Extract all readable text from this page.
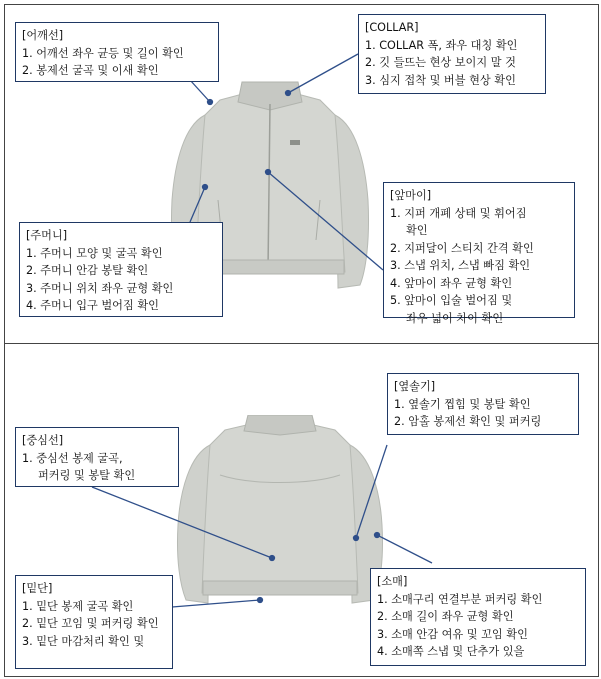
[어깨선]
1. 어깨선 좌우 균등 및 길이 확인
2. 봉제선 굴곡 및 이새 확인
[COLLAR]
1. COLLAR 폭, 좌우 대칭 확인
2. 깃 들뜨는 현상 보이지 말 것
3. 심지 접착 및 버블 현상 확인
[앞마이]
1. 지퍼 개폐 상태 및 휘어짐
확인
2. 지퍼달이 스티치 간격 확인
3. 스냅 위치, 스냅 빠짐 확인
4. 앞마이 좌우 균형 확인
5. 앞마이 입술 벌어짐 및
좌우 넓이 차이 확인
[주머니]
1. 주머니 모양 및 굴곡 확인
2. 주머니 안감 봉탈 확인
3. 주머니 위치 좌우 균형 확인
4. 주머니 입구 벌어짐 확인
[옆솔기]
1. 옆솔기 찝힘 및 봉탈 확인
2. 암홀 봉제선 확인 및 퍼커링
[중심선]
1. 중심선 봉제 굴곡,
퍼커링 및 봉탈 확인
[밑단]
1. 밑단 봉제 굴곡 확인
2. 밑단 꼬임 및 퍼커링 확인
3. 밑단 마감처리 확인 및
[소매]
1. 소매구리 연결부분 퍼커링 확인
2. 소매 길이 좌우 균형 확인
3. 소매 안감 여유 및 꼬임 확인
4. 소매쪽 스냅 및 단추가 있을
